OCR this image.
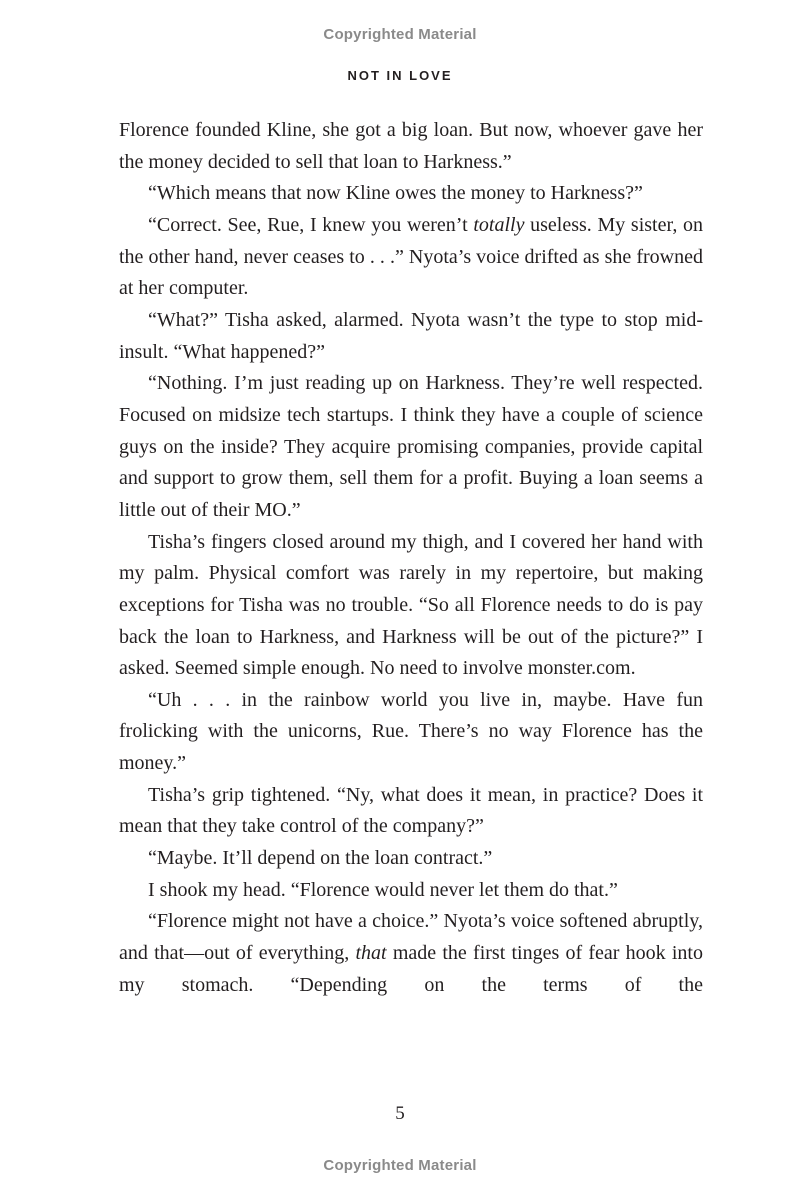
Copyrighted Material
NOT IN LOVE

Florence founded Kline, she got a big loan. But now, whoever gave her the money decided to sell that loan to Harkness.”

“Which means that now Kline owes the money to Harkness?”

“Correct. See, Rue, I knew you weren’t totally useless. My sister, on the other hand, never ceases to . . .” Nyota’s voice drifted as she frowned at her computer.

“What?” Tisha asked, alarmed. Nyota wasn’t the type to stop mid-insult. “What happened?”

“Nothing. I’m just reading up on Harkness. They’re well respected. Focused on midsize tech startups. I think they have a couple of science guys on the inside? They acquire promising companies, provide capital and support to grow them, sell them for a profit. Buying a loan seems a little out of their MO.”

Tisha’s fingers closed around my thigh, and I covered her hand with my palm. Physical comfort was rarely in my repertoire, but making exceptions for Tisha was no trouble. “So all Florence needs to do is pay back the loan to Harkness, and Harkness will be out of the picture?” I asked. Seemed simple enough. No need to involve monster.com.

“Uh . . . in the rainbow world you live in, maybe. Have fun frolicking with the unicorns, Rue. There’s no way Florence has the money.”

Tisha’s grip tightened. “Ny, what does it mean, in practice? Does it mean that they take control of the company?”

“Maybe. It’ll depend on the loan contract.”

I shook my head. “Florence would never let them do that.”

“Florence might not have a choice.” Nyota’s voice softened abruptly, and that—out of everything, that made the first tinges of fear hook into my stomach. “Depending on the terms of the

5
Copyrighted Material
